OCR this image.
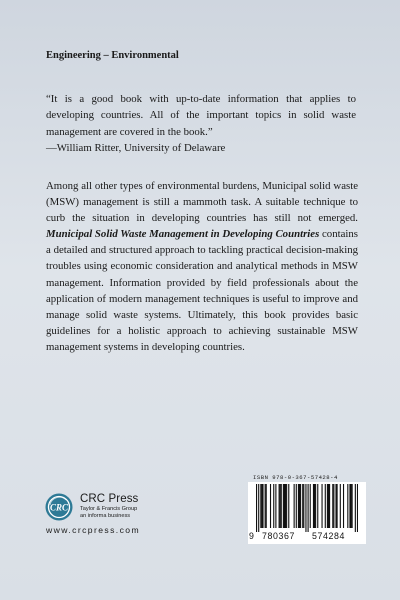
Engineering – Environmental

“It is a good book with up-to-date information that applies to developing countries. All of the important topics in solid waste management are covered in the book.”

—William Ritter, University of Delaware

Among all other types of environmental burdens, Municipal solid waste (MSW) management is still a mammoth task. A suitable technique to curb the situation in developing countries has still not emerged. Municipal Solid Waste Management in Developing Countries contains a detailed and structured approach to tackling practical decision-making troubles using economic consideration and analytical methods in MSW management. Information provided by field professionals about the application of modern management techniques is useful to improve and manage solid waste systems. Ultimately, this book provides basic guidelines for a holistic approach to achieving sustainable MSW management systems in developing countries.

CRC
CRC Press
Taylor & Francis Group
an informa business
www.crcpress.com
ISBN 978-0-367-57428-4
9 780367 574284
